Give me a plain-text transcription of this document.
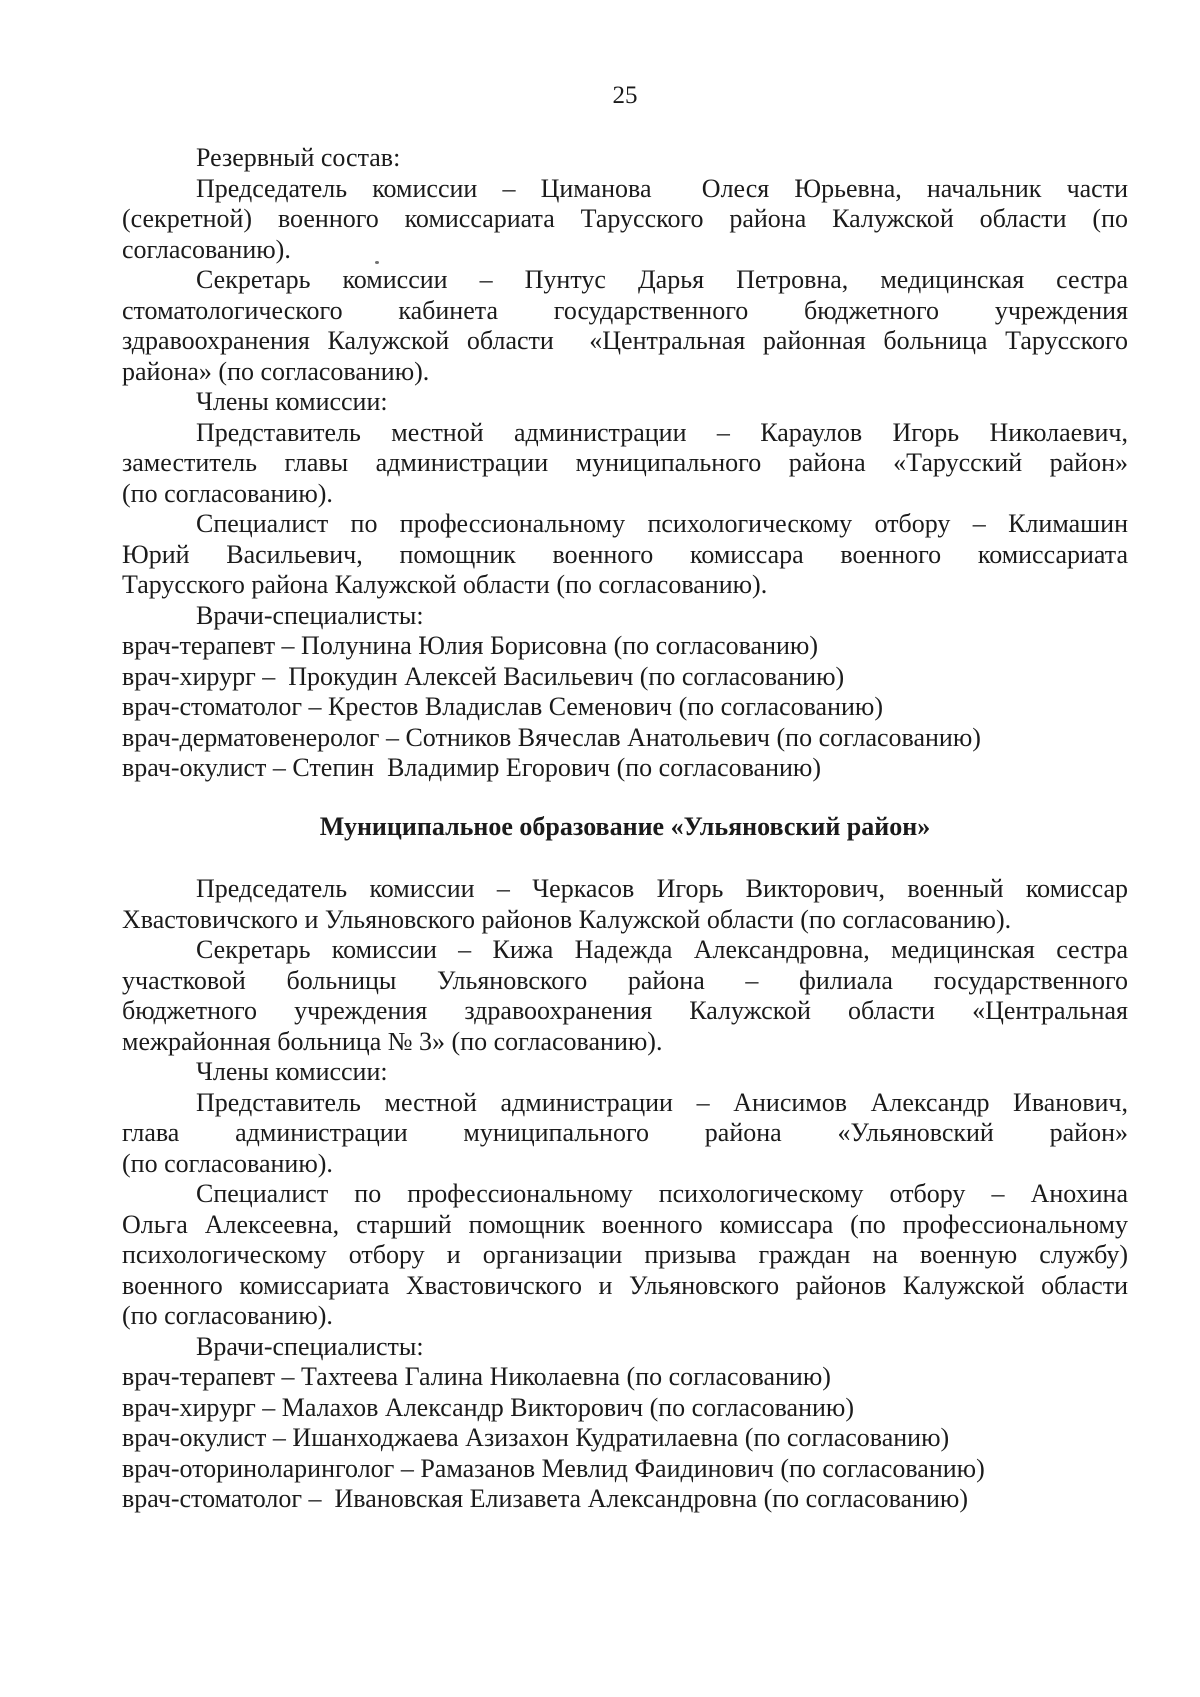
25
Резервный состав:
Председатель комиссии – Циманова  Олеся Юрьевна, начальник части
(секретной) военного комиссариата Тарусского района Калужской области (по
согласованию).
Секретарь комиссии – Пунтус Дарья Петровна, медицинская сестра
стоматологического кабинета государственного бюджетного учреждения
здравоохранения Калужской области  «Центральная районная больница Тарусского
района» (по согласованию).
Члены комиссии:
Представитель местной администрации – Караулов Игорь Николаевич,
заместитель главы администрации муниципального района «Тарусский район»
(по согласованию).
Специалист по профессиональному психологическому отбору – Климашин
Юрий Васильевич, помощник военного комиссара военного комиссариата
Тарусского района Калужской области (по согласованию).
Врачи-специалисты:
врач-терапевт – Полунина Юлия Борисовна (по согласованию)
врач-хирург –  Прокудин Алексей Васильевич (по согласованию)
врач-стоматолог – Крестов Владислав Семенович (по согласованию)
врач-дерматовенеролог – Сотников Вячеслав Анатольевич (по согласованию)
врач-окулист – Степин  Владимир Егорович (по согласованию)
Муниципальное образование «Ульяновский район»
Председатель комиссии – Черкасов Игорь Викторович, военный комиссар
Хвастовичского и Ульяновского районов Калужской области (по согласованию).
Секретарь комиссии – Кижа Надежда Александровна, медицинская сестра
участковой больницы Ульяновского района – филиала государственного
бюджетного учреждения здравоохранения Калужской области «Центральная
межрайонная больница № 3» (по согласованию).
Члены комиссии:
Представитель местной администрации – Анисимов Александр Иванович,
глава администрации муниципального района «Ульяновский район»
(по согласованию).
Специалист по профессиональному психологическому отбору – Анохина
Ольга Алексеевна, старший помощник военного комиссара (по профессиональному
психологическому отбору и организации призыва граждан на военную службу)
военного комиссариата Хвастовичского и Ульяновского районов Калужской области
(по согласованию).
Врачи-специалисты:
врач-терапевт – Тахтеева Галина Николаевна (по согласованию)
врач-хирург – Малахов Александр Викторович (по согласованию)
врач-окулист – Ишанходжаева Азизахон Кудратилаевна (по согласованию)
врач-оториноларинголог – Рамазанов Мевлид Фаидинович (по согласованию)
врач-стоматолог –  Ивановская Елизавета Александровна (по согласованию)
